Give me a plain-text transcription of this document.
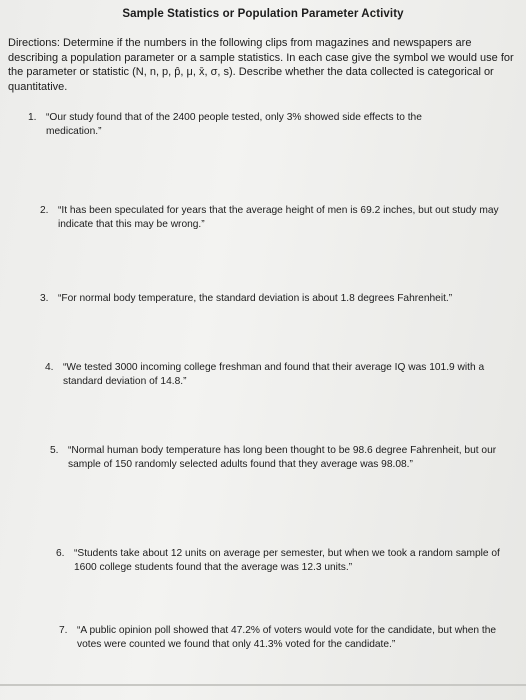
Sample Statistics or Population Parameter Activity
Directions: Determine if the numbers in the following clips from magazines and newspapers are describing a population parameter or a sample statistics. In each case give the symbol we would use for the parameter or statistic (N, n, p, p̂, μ, x̄, σ, s). Describe whether the data collected is categorical or quantitative.
1. “Our study found that of the 2400 people tested, only 3% showed side effects to the medication.”
2. “It has been speculated for years that the average height of men is 69.2 inches, but out study may indicate that this may be wrong.”
3. “For normal body temperature, the standard deviation is about 1.8 degrees Fahrenheit.”
4. “We tested 3000 incoming college freshman and found that their average IQ was 101.9 with a standard deviation of 14.8.”
5. “Normal human body temperature has long been thought to be 98.6 degree Fahrenheit, but our sample of 150 randomly selected adults found that they average was 98.08.”
6. “Students take about 12 units on average per semester, but when we took a random sample of 1600 college students found that the average was 12.3 units.”
7. “A public opinion poll showed that 47.2% of voters would vote for the candidate, but when the votes were counted we found that only 41.3% voted for the candidate.”
